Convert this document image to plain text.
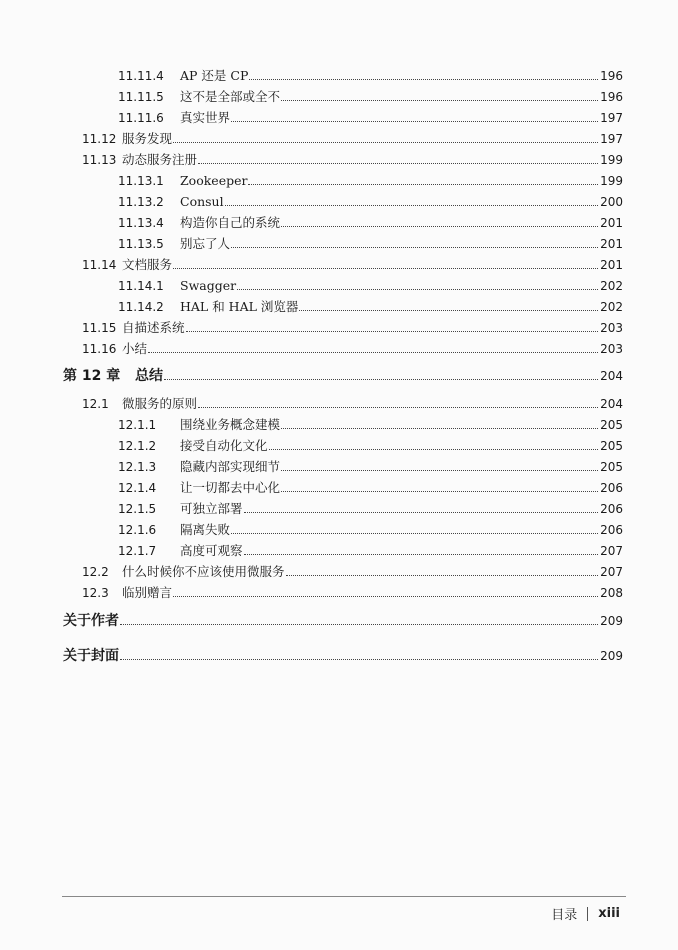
11.11.4	AP 还是 CP	196
11.11.5	这不是全部或全不	196
11.11.6	真实世界	197
11.12 服务发现	197
11.13 动态服务注册	199
11.13.1	Zookeeper	199
11.13.2	Consul	200
11.13.4	构造你自己的系统	201
11.13.5	别忘了人	201
11.14 文档服务	201
11.14.1	Swagger	202
11.14.2	HAL 和 HAL 浏览器	202
11.15 自描述系统	203
11.16 小结	203
第 12 章	总结	204
12.1	微服务的原则	204
12.1.1	围绕业务概念建模	205
12.1.2	接受自动化文化	205
12.1.3	隐藏内部实现细节	205
12.1.4	让一切都去中心化	206
12.1.5	可独立部署	206
12.1.6	隔离失败	206
12.1.7	高度可观察	207
12.2	什么时候你不应该使用微服务	207
12.3	临别赠言	208
关于作者	209
关于封面	209
目录 xiii
